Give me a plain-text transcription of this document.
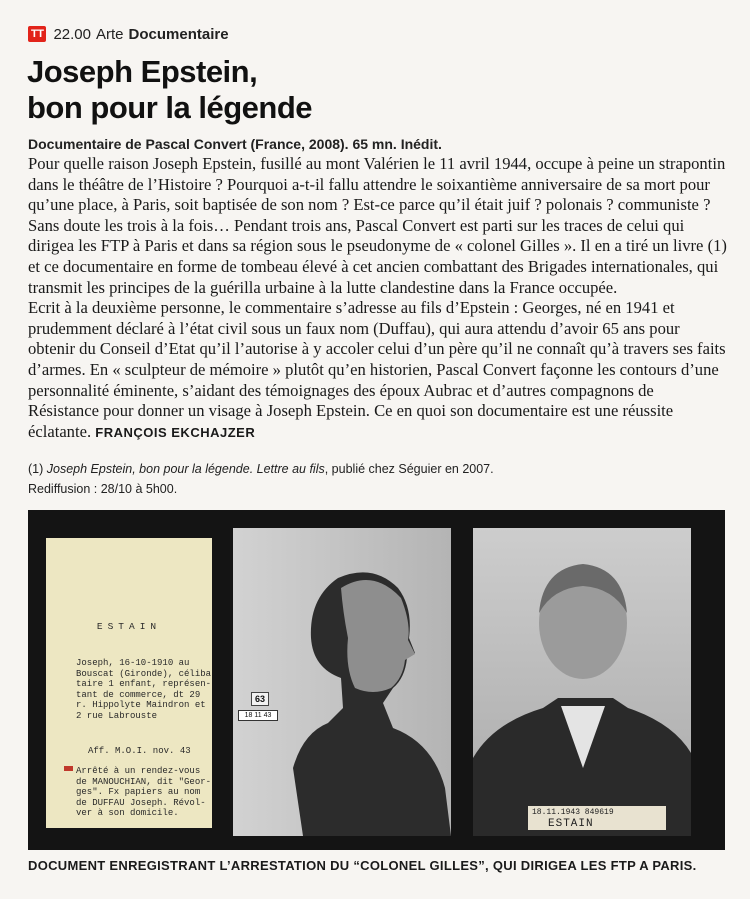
TT 22.00 Arte Documentaire
Joseph Epstein,
bon pour la légende
Documentaire de Pascal Convert (France, 2008). 65 mn. Inédit.

Pour quelle raison Joseph Epstein, fusillé au mont Valérien le 11 avril 1944, occupe à peine un strapontin dans le théâtre de l’Histoire ? Pourquoi a-t-il fallu attendre le soixantième anniversaire de sa mort pour qu’une place, à Paris, soit baptisée de son nom ? Est-ce parce qu’il était juif ? polonais ? communiste ? Sans doute les trois à la fois… Pendant trois ans, Pascal Convert est parti sur les traces de celui qui dirigea les FTP à Paris et dans sa région sous le pseudonyme de « colonel Gilles ». Il en a tiré un livre (1) et ce documentaire en forme de tombeau élevé à cet ancien combattant des Brigades internationales, qui transmit les principes de la guérilla urbaine à la lutte clandestine dans la France occupée.

Ecrit à la deuxième personne, le commentaire s’adresse au fils d’Epstein : Georges, né en 1941 et prudemment déclaré à l’état civil sous un faux nom (Duffau), qui aura attendu d’avoir 65 ans pour obtenir du Conseil d’Etat qu’il l’autorise à y accoler celui d’un père qu’il ne connaît qu’à travers ses faits d’armes. En « sculpteur de mémoire » plutôt qu’en historien, Pascal Convert façonne les contours d’une personnalité éminente, s’aidant des témoignages des époux Aubrac et d’autres compagnons de Résistance pour donner un visage à Joseph Epstein. Ce en quoi son documentaire est une réussite éclatante. FRANÇOIS EKCHAJZER

(1) Joseph Epstein, bon pour la légende. Lettre au fils, publié chez Séguier en 2007.
Rediffusion : 28/10 à 5h00.
ESTAIN
Joseph, 16-10-1910 au
Bouscat (Gironde), céliba
taire 1 enfant, représen-
tant de commerce, dt 29
r. Hippolyte Maindron et
2 rue Labrouste
Aff. M.O.I. nov. 43
Arrêté à un rendez-vous
de MANOUCHIAN, dit "Geor-
ges". Fx papiers au nom
de DUFFAU Joseph. Révol-
ver à son domicile.
63
18 11 43
18.11.1943 849619
ESTAIN
DOCUMENT ENREGISTRANT L’ARRESTATION DU “COLONEL GILLES”, QUI DIRIGEA LES FTP A PARIS.
